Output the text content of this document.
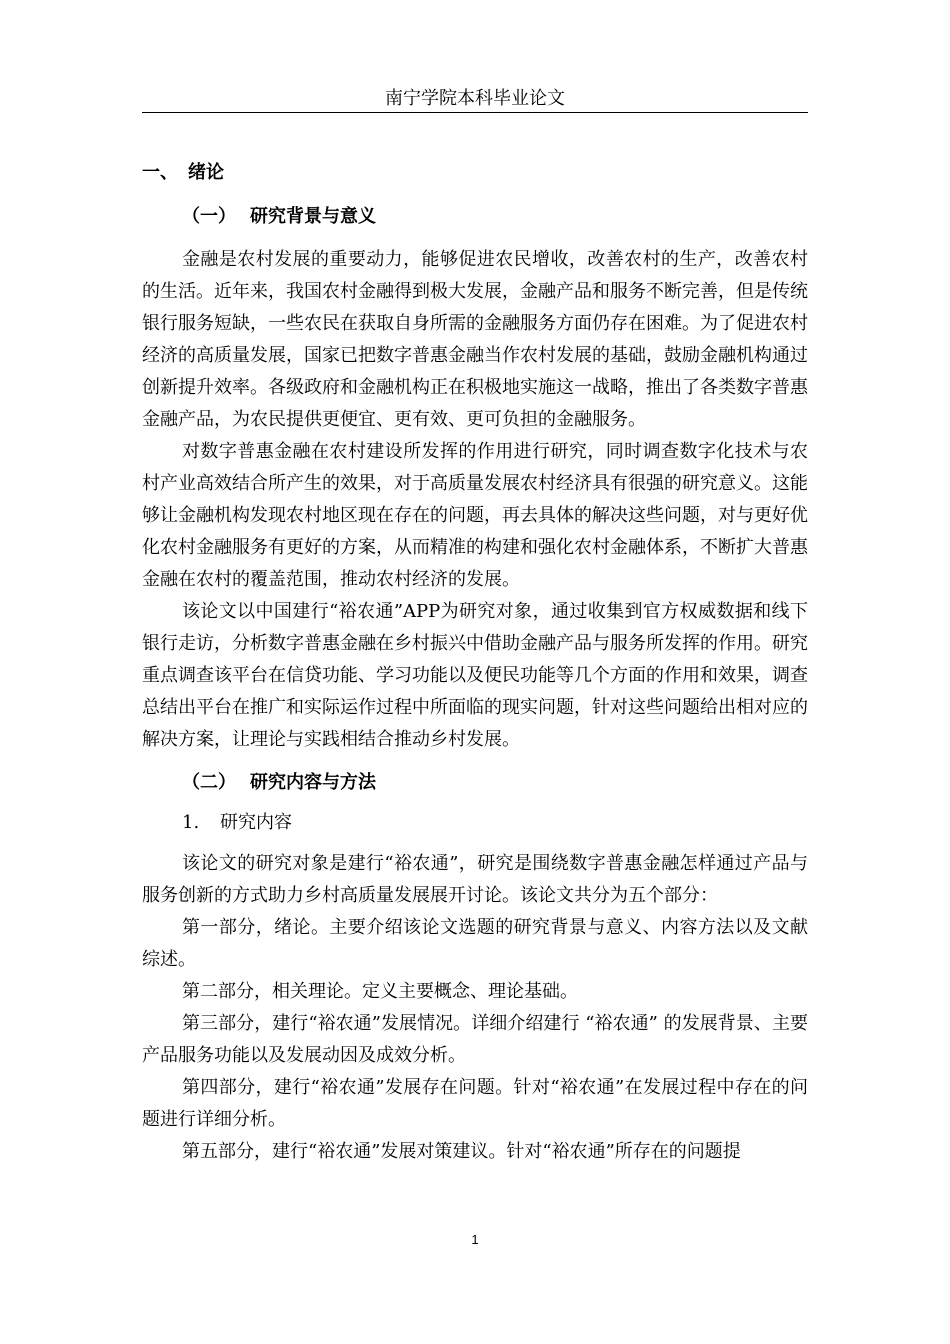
南宁学院本科毕业论文
一、 绪论
（一） 研究背景与意义

金融是农村发展的重要动力，能够促进农民增收，改善农村的生产，改善农村的生活。近年来，我国农村金融得到极大发展，金融产品和服务不断完善，但是传统银行服务短缺，一些农民在获取自身所需的金融服务方面仍存在困难。为了促进农村经济的高质量发展，国家已把数字普惠金融当作农村发展的基础，鼓励金融机构通过创新提升效率。各级政府和金融机构正在积极地实施这一战略，推出了各类数字普惠金融产品，为农民提供更便宜、更有效、更可负担的金融服务。

对数字普惠金融在农村建设所发挥的作用进行研究，同时调查数字化技术与农村产业高效结合所产生的效果，对于高质量发展农村经济具有很强的研究意义。这能够让金融机构发现农村地区现在存在的问题，再去具体的解决这些问题，对与更好优化农村金融服务有更好的方案，从而精准的构建和强化农村金融体系，不断扩大普惠金融在农村的覆盖范围，推动农村经济的发展。

该论文以中国建行“裕农通”APP为研究对象，通过收集到官方权威数据和线下银行走访，分析数字普惠金融在乡村振兴中借助金融产品与服务所发挥的作用。研究重点调查该平台在信贷功能、学习功能以及便民功能等几个方面的作用和效果，调查总结出平台在推广和实际运作过程中所面临的现实问题，针对这些问题给出相对应的解决方案，让理论与实践相结合推动乡村发展。

（二） 研究内容与方法
1. 研究内容

该论文的研究对象是建行“裕农通”，研究是围绕数字普惠金融怎样通过产品与服务创新的方式助力乡村高质量发展展开讨论。该论文共分为五个部分：

第一部分，绪论。主要介绍该论文选题的研究背景与意义、内容方法以及文献综述。

第二部分，相关理论。定义主要概念、理论基础。

第三部分，建行“裕农通”发展情况。详细介绍建行 “裕农通” 的发展背景、主要产品服务功能以及发展动因及成效分析。

第四部分，建行“裕农通”发展存在问题。针对“裕农通”在发展过程中存在的问题进行详细分析。

第五部分，建行“裕农通”发展对策建议。针对“裕农通”所存在的问题提

1
